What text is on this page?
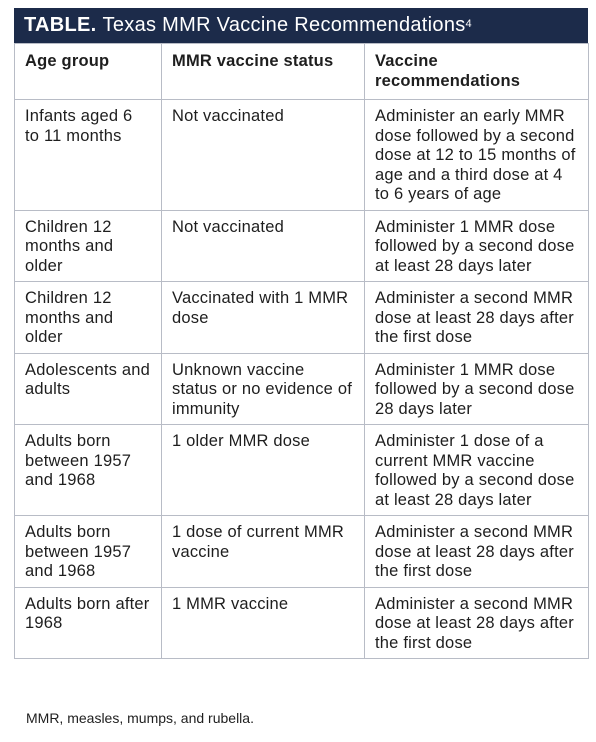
TABLE. Texas MMR Vaccine Recommendations$^4$
Age group	MMR vaccine status	Vaccine recommendations
Infants aged 6 to 11 months	Not vaccinated	Administer an early MMR dose followed by a second dose at 12 to 15 months of age and a third dose at 4 to 6 years of age
Children 12 months and older	Not vaccinated	Administer 1 MMR dose followed by a second dose at least 28 days later
Children 12 months and older	Vaccinated with 1 MMR dose	Administer a second MMR dose at least 28 days after the first dose
Adolescents and adults	Unknown vaccine status or no evidence of immunity	Administer 1 MMR dose followed by a second dose 28 days later
Adults born between 1957 and 1968	1 older MMR dose	Administer 1 dose of a current MMR vaccine followed by a second dose at least 28 days later
Adults born between 1957 and 1968	1 dose of current MMR vaccine	Administer a second MMR dose at least 28 days after the first dose
Adults born after 1968	1 MMR vaccine	Administer a second MMR dose at least 28 days after the first dose
MMR, measles, mumps, and rubella.
